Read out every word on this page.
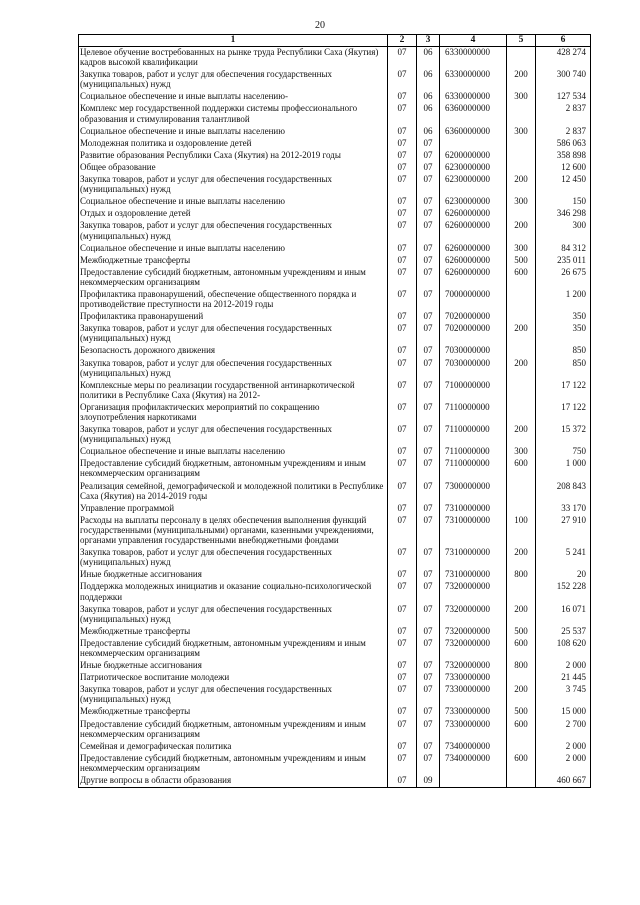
20
1	2	3	4	5	6
Целевое обучение востребованных на рынке труда Республики Саха (Якутия) кадров высокой квалификации	07	06	6330000000		428 274
Закупка товаров, работ и услуг для обеспечения государственных (муниципальных) нужд	07	06	6330000000	200	300 740
Социальное обеспечение и иные выплаты населению-	07	06	6330000000	300	127 534
Комплекс мер государственной поддержки системы профессионального образования и стимулирования талантливой	07	06	6360000000		2 837
Социальное обеспечение и иные выплаты населению	07	06	6360000000	300	2 837
Молодежная политика и оздоровление детей	07	07			586 063
Развитие образования Республики Саха (Якутия) на 2012-2019 годы	07	07	6200000000		358 898
Общее образование	07	07	6230000000		12 600
Закупка товаров, работ и услуг для обеспечения государственных (муниципальных) нужд	07	07	6230000000	200	12 450
Социальное обеспечение и иные выплаты населению	07	07	6230000000	300	150
Отдых и оздоровление детей	07	07	6260000000		346 298
Закупка товаров, работ и услуг для обеспечения государственных (муниципальных) нужд	07	07	6260000000	200	300
Социальное обеспечение и иные выплаты населению	07	07	6260000000	300	84 312
Межбюджетные трансферты	07	07	6260000000	500	235 011
Предоставление субсидий бюджетным, автономным учреждениям и иным некоммерческим организациям	07	07	6260000000	600	26 675
Профилактика правонарушений, обеспечение общественного порядка и противодействие преступности на 2012-2019 годы	07	07	7000000000		1 200
Профилактика правонарушений	07	07	7020000000		350
Закупка товаров, работ и услуг для обеспечения государственных (муниципальных) нужд	07	07	7020000000	200	350
Безопасность дорожного движения	07	07	7030000000		850
Закупка товаров, работ и услуг для обеспечения государственных (муниципальных) нужд	07	07	7030000000	200	850
Комплексные меры по реализации государственной антинаркотической политики в Республике Саха (Якутия) на 2012-	07	07	7100000000		17 122
Организация профилактических мероприятий по сокращению злоупотребления наркотиками	07	07	7110000000		17 122
Закупка товаров, работ и услуг для обеспечения государственных (муниципальных) нужд	07	07	7110000000	200	15 372
Социальное обеспечение и иные выплаты населению	07	07	7110000000	300	750
Предоставление субсидий бюджетным, автономным учреждениям и иным некоммерческим организациям	07	07	7110000000	600	1 000
Реализация семейной, демографической и молодежной политики в Республике Саха (Якутия) на 2014-2019 годы	07	07	7300000000		208 843
Управление программой	07	07	7310000000		33 170
Расходы на выплаты персоналу в целях обеспечения выполнения функций государственными (муниципальными) органами, казенными учреждениями, органами управления государственными внебюджетными фондами	07	07	7310000000	100	27 910
Закупка товаров, работ и услуг для обеспечения государственных (муниципальных) нужд	07	07	7310000000	200	5 241
Иные бюджетные ассигнования	07	07	7310000000	800	20
Поддержка молодежных инициатив и оказание социально-психологической поддержки	07	07	7320000000		152 228
Закупка товаров, работ и услуг для обеспечения государственных (муниципальных) нужд	07	07	7320000000	200	16 071
Межбюджетные трансферты	07	07	7320000000	500	25 537
Предоставление субсидий бюджетным, автономным учреждениям и иным некоммерческим организациям	07	07	7320000000	600	108 620
Иные бюджетные ассигнования	07	07	7320000000	800	2 000
Патриотическое воспитание молодежи	07	07	7330000000		21 445
Закупка товаров, работ и услуг для обеспечения государственных (муниципальных) нужд	07	07	7330000000	200	3 745
Межбюджетные трансферты	07	07	7330000000	500	15 000
Предоставление субсидий бюджетным, автономным учреждениям и иным некоммерческим организациям	07	07	7330000000	600	2 700
Семейная и демографическая политика	07	07	7340000000		2 000
Предоставление субсидий бюджетным, автономным учреждениям и иным некоммерческим организациям	07	07	7340000000	600	2 000
Другие вопросы в области образования	07	09			460 667
